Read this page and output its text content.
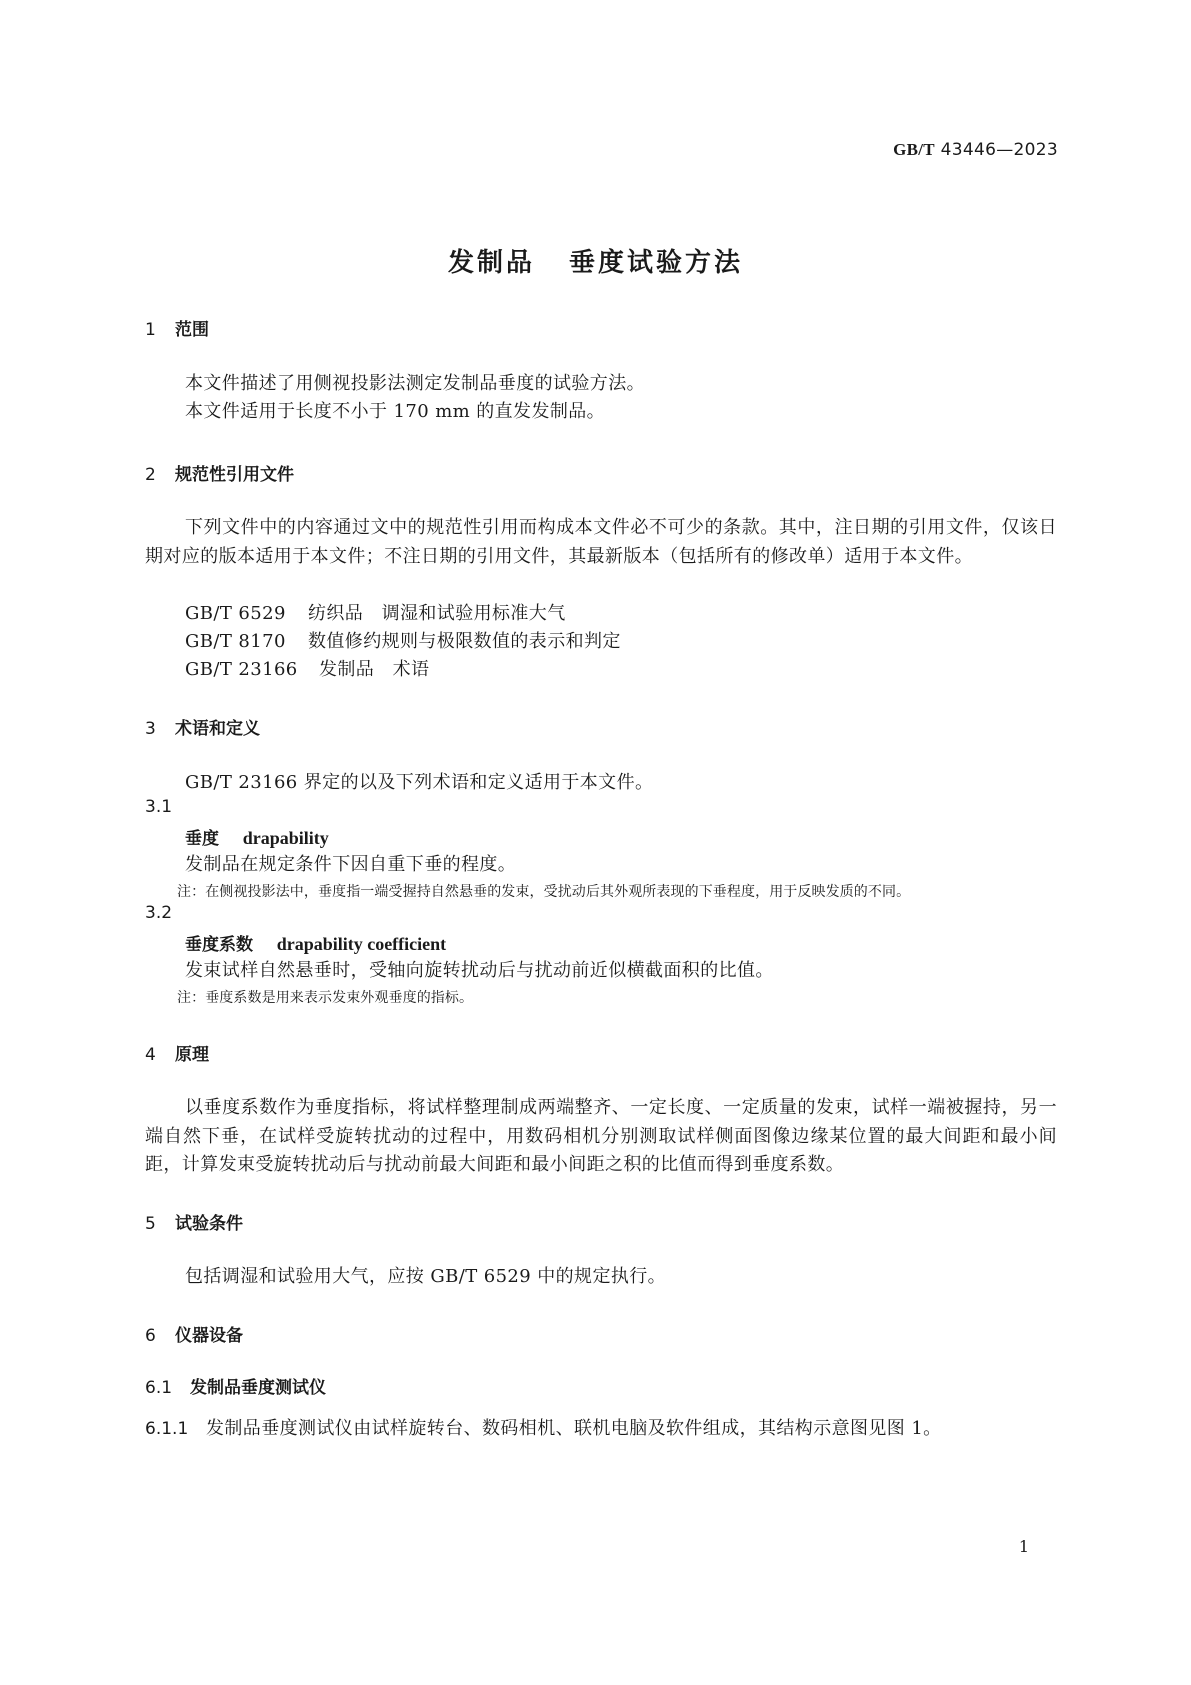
GB/T 43446—2023
发制品 垂度试验方法
1 范围
本文件描述了用侧视投影法测定发制品垂度的试验方法。
本文件适用于长度不小于 170 mm 的直发发制品。
2 规范性引用文件
下列文件中的内容通过文中的规范性引用而构成本文件必不可少的条款。其中，注日期的引用文件，仅该日期对应的版本适用于本文件；不注日期的引用文件，其最新版本（包括所有的修改单）适用于本文件。
GB/T 6529 纺织品　调湿和试验用标准大气
GB/T 8170 数值修约规则与极限数值的表示和判定
GB/T 23166 发制品　术语
3 术语和定义
GB/T 23166 界定的以及下列术语和定义适用于本文件。
3.1
垂度 drapability
发制品在规定条件下因自重下垂的程度。
注：在侧视投影法中，垂度指一端受握持自然悬垂的发束，受扰动后其外观所表现的下垂程度，用于反映发质的不同。
3.2
垂度系数 drapability coefficient
发束试样自然悬垂时，受轴向旋转扰动后与扰动前近似横截面积的比值。
注：垂度系数是用来表示发束外观垂度的指标。
4 原理
以垂度系数作为垂度指标，将试样整理制成两端整齐、一定长度、一定质量的发束，试样一端被握持，另一端自然下垂，在试样受旋转扰动的过程中，用数码相机分别测取试样侧面图像边缘某位置的最大间距和最小间距，计算发束受旋转扰动后与扰动前最大间距和最小间距之积的比值而得到垂度系数。
5 试验条件
包括调湿和试验用大气，应按 GB/T 6529 中的规定执行。
6 仪器设备
6.1 发制品垂度测试仪
6.1.1 发制品垂度测试仪由试样旋转台、数码相机、联机电脑及软件组成，其结构示意图见图 1。
1
